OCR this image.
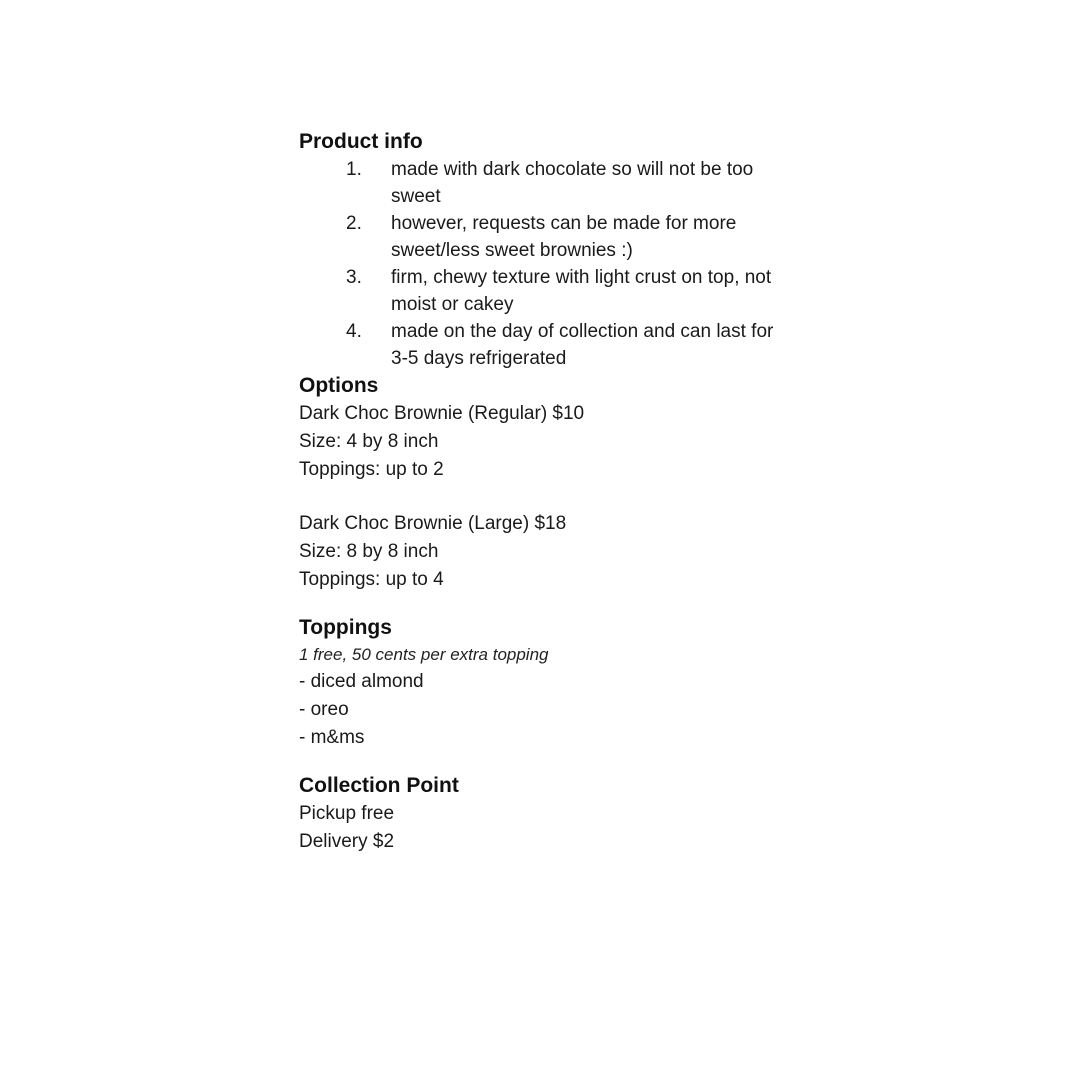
Product info
1. made with dark chocolate so will not be too sweet
2. however, requests can be made for more sweet/less sweet brownies :)
3. firm, chewy texture with light crust on top, not moist or cakey
4. made on the day of collection and can last for 3-5 days refrigerated
Options
Dark Choc Brownie (Regular) $10
Size: 4 by 8 inch
Toppings: up to 2
Dark Choc Brownie (Large) $18
Size: 8 by 8 inch
Toppings: up to 4
Toppings
1 free, 50 cents per extra topping
- diced almond
- oreo
- m&ms
Collection Point
Pickup free
Delivery $2
